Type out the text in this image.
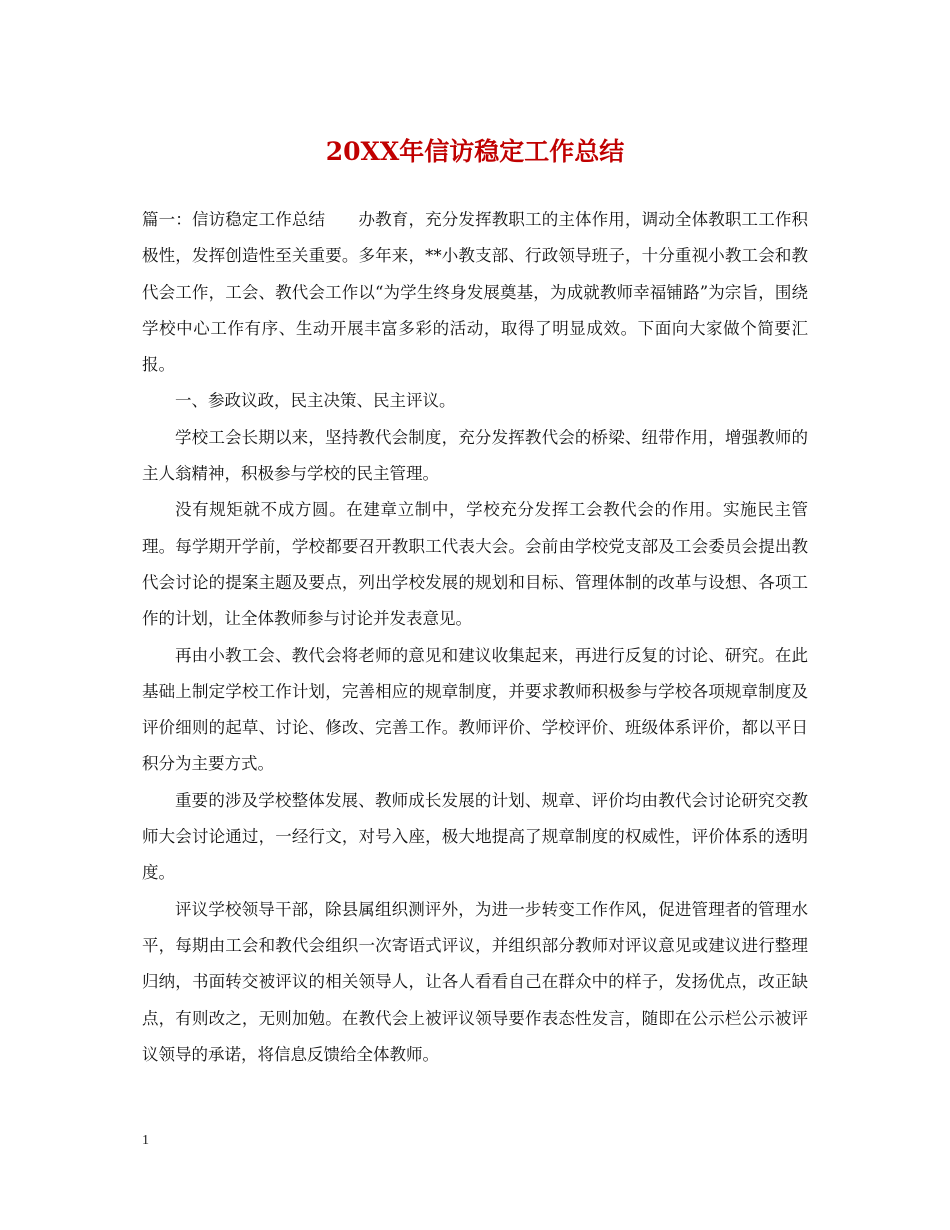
20XX年信访稳定工作总结

篇一：信访稳定工作总结　　办教育，充分发挥教职工的主体作用，调动全体教职工工作积极性，发挥创造性至关重要。多年来，**小教支部、行政领导班子，十分重视小教工会和教代会工作，工会、教代会工作以“为学生终身发展奠基，为成就教师幸福铺路”为宗旨，围绕学校中心工作有序、生动开展丰富多彩的活动，取得了明显成效。下面向大家做个简要汇报。

一、参政议政，民主决策、民主评议。

学校工会长期以来，坚持教代会制度，充分发挥教代会的桥梁、纽带作用，增强教师的主人翁精神，积极参与学校的民主管理。

没有规矩就不成方圆。在建章立制中，学校充分发挥工会教代会的作用。实施民主管理。每学期开学前，学校都要召开教职工代表大会。会前由学校党支部及工会委员会提出教代会讨论的提案主题及要点，列出学校发展的规划和目标、管理体制的改革与设想、各项工作的计划，让全体教师参与讨论并发表意见。

再由小教工会、教代会将老师的意见和建议收集起来，再进行反复的讨论、研究。在此基础上制定学校工作计划，完善相应的规章制度，并要求教师积极参与学校各项规章制度及评价细则的起草、讨论、修改、完善工作。教师评价、学校评价、班级体系评价，都以平日积分为主要方式。

重要的涉及学校整体发展、教师成长发展的计划、规章、评价均由教代会讨论研究交教师大会讨论通过，一经行文，对号入座，极大地提高了规章制度的权威性，评价体系的透明度。

评议学校领导干部，除县属组织测评外，为进一步转变工作作风，促进管理者的管理水平，每期由工会和教代会组织一次寄语式评议，并组织部分教师对评议意见或建议进行整理归纳，书面转交被评议的相关领导人，让各人看看自己在群众中的样子，发扬优点，改正缺点，有则改之，无则加勉。在教代会上被评议领导要作表态性发言，随即在公示栏公示被评议领导的承诺，将信息反馈给全体教师。

1
